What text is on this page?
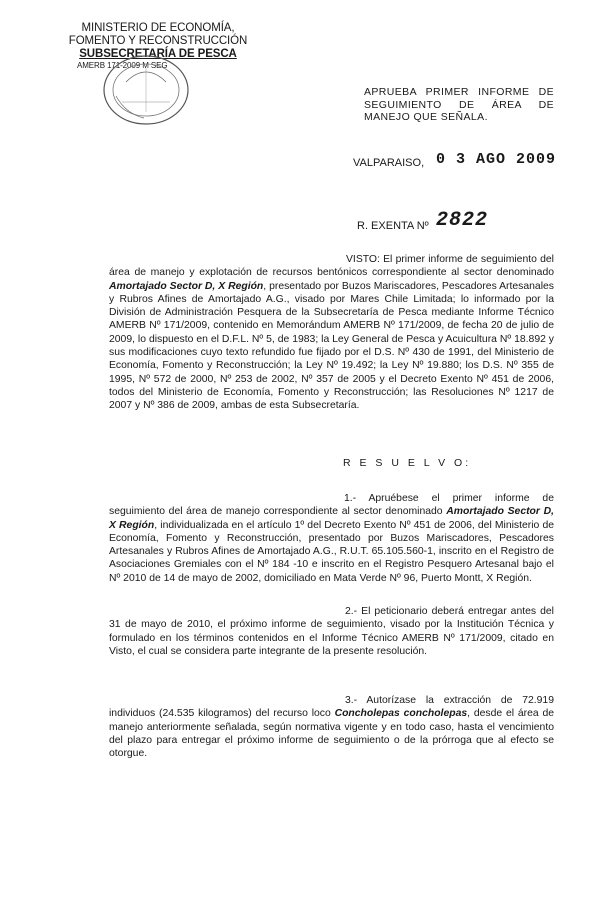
MINISTERIO DE ECONOMÍA,
FOMENTO Y RECONSTRUCCIÓN
SUBSECRETARÍA DE PESCA
AMERB 171-2009 M SEG
APRUEBA PRIMER INFORME DE SEGUIMIENTO DE ÁREA DE MANEJO QUE SEÑALA.
VALPARAISO, 0 3 AGO 2009
R. EXENTA Nº 2822

VISTO: El primer informe de seguimiento del área de manejo y explotación de recursos bentónicos correspondiente al sector denominado Amortajado Sector D, X Región, presentado por Buzos Mariscadores, Pescadores Artesanales y Rubros Afines de Amortajado A.G., visado por Mares Chile Limitada; lo informado por la División de Administración Pesquera de la Subsecretaría de Pesca mediante Informe Técnico AMERB Nº 171/2009, contenido en Memorándum AMERB Nº 171/2009, de fecha 20 de julio de 2009, lo dispuesto en el D.F.L. Nº 5, de 1983; la Ley General de Pesca y Acuicultura Nº 18.892 y sus modificaciones cuyo texto refundido fue fijado por el D.S. Nº 430 de 1991, del Ministerio de Economía, Fomento y Reconstrucción; la Ley Nº 19.492; la Ley Nº 19.880; los D.S. Nº 355 de 1995, Nº 572 de 2000, Nº 253 de 2002, Nº 357 de 2005 y el Decreto Exento Nº 451 de 2006, todos del Ministerio de Economía, Fomento y Reconstrucción; las Resoluciones Nº 1217 de 2007 y Nº 386 de 2009, ambas de esta Subsecretaría.

R E S U E L V O:

1.- Apruébese el primer informe de seguimiento del área de manejo correspondiente al sector denominado Amortajado Sector D, X Región, individualizada en el artículo 1º del Decreto Exento Nº 451 de 2006, del Ministerio de Economía, Fomento y Reconstrucción, presentado por Buzos Mariscadores, Pescadores Artesanales y Rubros Afines de Amortajado A.G., R.U.T. 65.105.560-1, inscrito en el Registro de Asociaciones Gremiales con el Nº 184 -10 e inscrito en el Registro Pesquero Artesanal bajo el Nº 2010 de 14 de mayo de 2002, domiciliado en Mata Verde Nº 96, Puerto Montt, X Región.

2.- El peticionario deberá entregar antes del 31 de mayo de 2010, el próximo informe de seguimiento, visado por la Institución Técnica y formulado en los términos contenidos en el Informe Técnico AMERB Nº 171/2009, citado en Visto, el cual se considera parte integrante de la presente resolución.

3.- Autorízase la extracción de 72.919 individuos (24.535 kilogramos) del recurso loco Concholepas concholepas, desde el área de manejo anteriormente señalada, según normativa vigente y en todo caso, hasta el vencimiento del plazo para entregar el próximo informe de seguimiento o de la prórroga que al efecto se otorgue.
